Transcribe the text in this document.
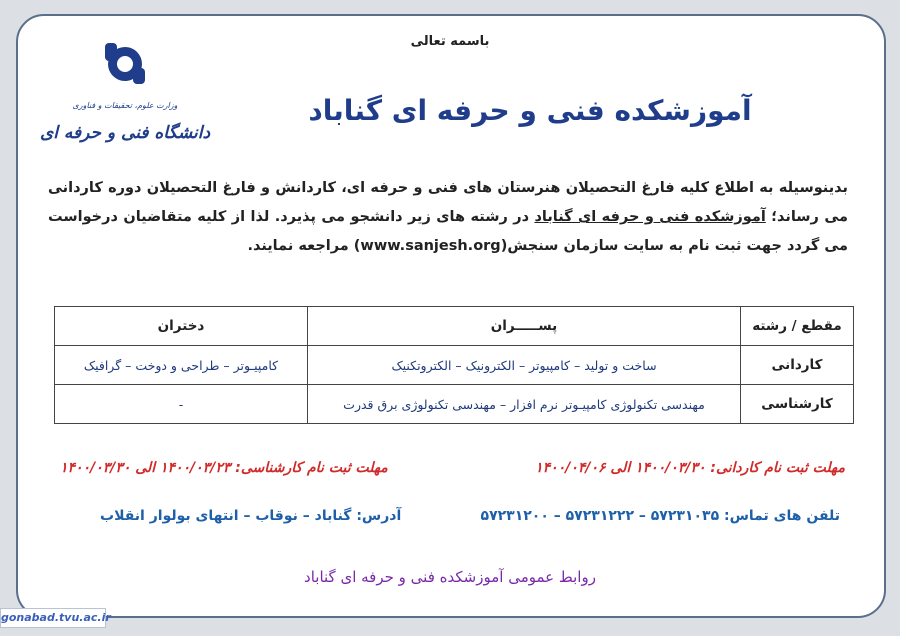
باسمه تعالی
وزارت علوم، تحقیقات و فناوری
دانشگاه فنی و حرفه ای
آموزشکده فنی و حرفه ای گناباد
بدینوسیله به اطلاع کلیه فارغ التحصیلان هنرستان های فنی و حرفه ای، کاردانش و فارغ التحصیلان دوره کاردانی می رساند؛ آموزشکده فنی و حرفه ای گناباد در رشته های زیر دانشجو می پذیرد. لذا از کلیه متقاضیان درخواست می گردد جهت ثبت نام به سایت سازمان سنجش(www.sanjesh.org) مراجعه نمایند.
مقطع / رشته	پســـــران	دختران
کاردانی	ساخت و تولید – کامپیوتر – الکترونیک – الکتروتکنیک	کامپیـوتر – طراحی و دوخت – گرافیک
کارشناسی	مهندسی تکنولوژی کامپیـوتر نرم افزار – مهندسی تکنولوژی برق قدرت	-
مهلت ثبت نام کاردانی: ۱۴۰۰/۰۳/۳۰ الی ۱۴۰۰/۰۴/۰۶
مهلت ثبت نام کارشناسی: ۱۴۰۰/۰۳/۲۳ الی ۱۴۰۰/۰۳/۳۰
تلفن های تماس: ۵۷۲۳۱۰۳۵ – ۵۷۲۳۱۲۲۲ – ۵۷۲۳۱۲۰۰
آدرس: گناباد – نوقاب – انتهای بولوار انقلاب
روابط عمومی آموزشکده فنی و حرفه ای گناباد
gonabad.tvu.ac.ir
